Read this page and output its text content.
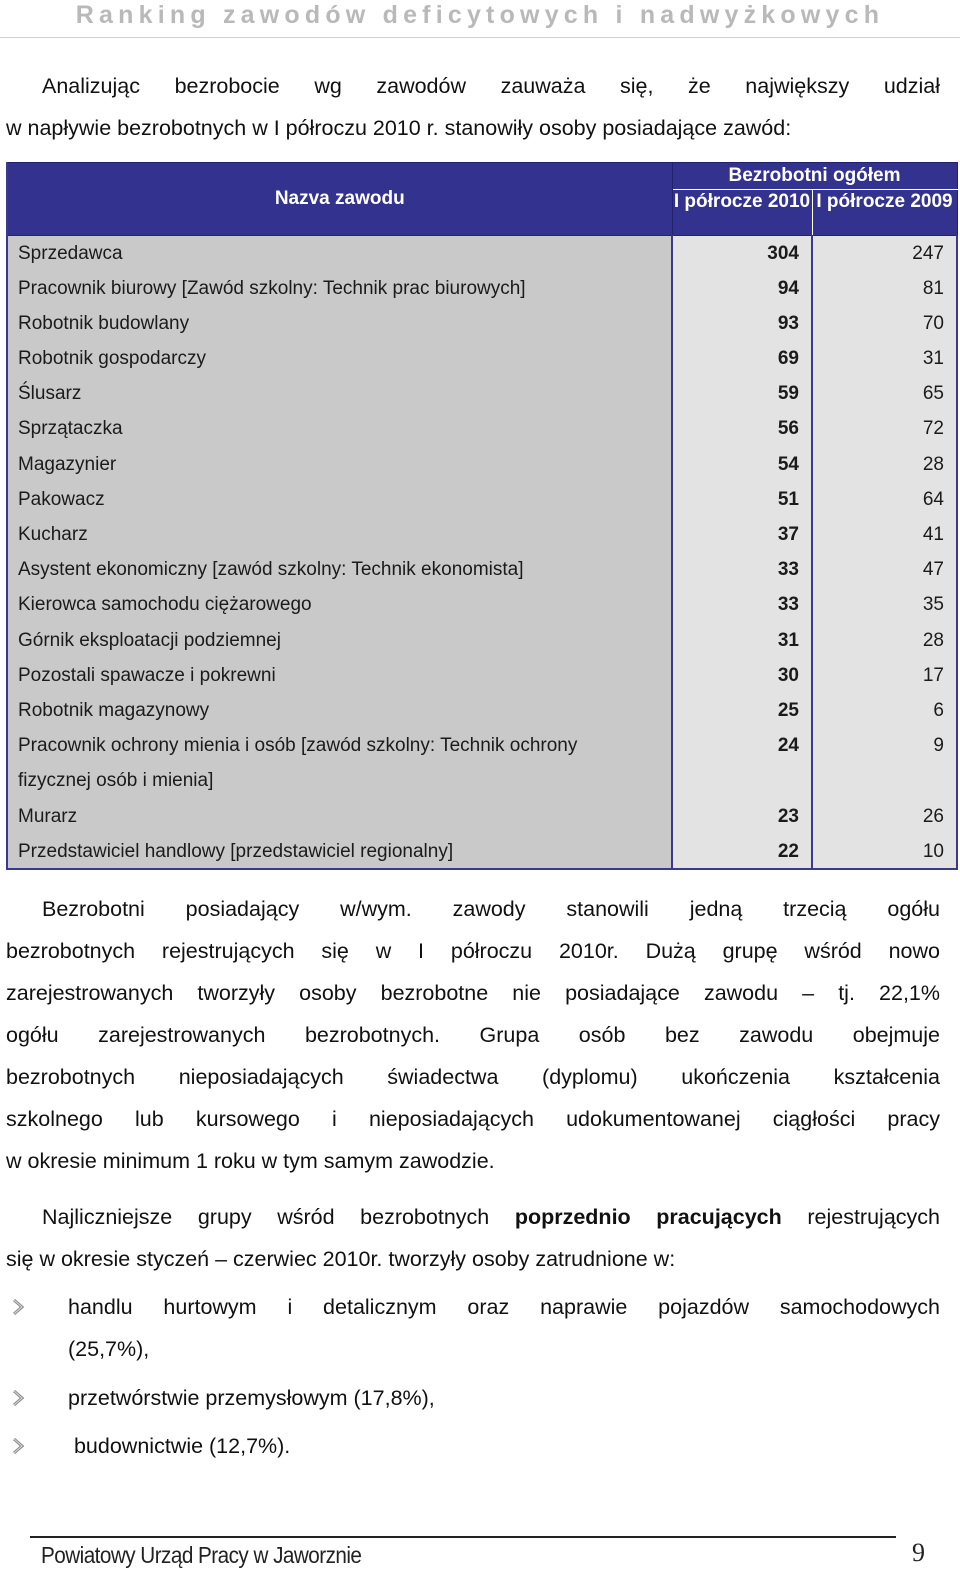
Ranking zawodów deficytowych i nadwyżkowych
Analizując bezrobocie wg zawodów zauważa się, że największy udział
w napływie bezrobotnych w I półroczu 2010 r. stanowiły osoby posiadające zawód:
Nazva zawodu	Bezrobotni ogółem	
	I półrocze 2010	I półrocze 2009
Sprzedawca	304	247
Pracownik biurowy [Zawód szkolny: Technik prac biurowych]	94	81
Robotnik budowlany	93	70
Robotnik gospodarczy	69	31
Ślusarz	59	65
Sprzątaczka	56	72
Magazynier	54	28
Pakowacz	51	64
Kucharz	37	41
Asystent ekonomiczny [zawód szkolny: Technik ekonomista]	33	47
Kierowca samochodu ciężarowego	33	35
Górnik eksploatacji podziemnej	31	28
Pozostali spawacze i pokrewni	30	17
Robotnik magazynowy	25	6

Pracownik ochrony mienia i osób [zawód szkolny: Technik ochrony
fizycznej osób i mienia]	24	9
Murarz	23	26
Przedstawiciel handlowy [przedstawiciel regionalny]	22	10
Bezrobotni posiadający w/wym. zawody stanowili jedną trzecią ogółu
bezrobotnych rejestrujących się w I półroczu 2010r. Dużą grupę wśród nowo
zarejestrowanych tworzyły osoby bezrobotne nie posiadające zawodu – tj. 22,1%
ogółu zarejestrowanych bezrobotnych. Grupa osób bez zawodu obejmuje
bezrobotnych nieposiadających świadectwa (dyplomu) ukończenia kształcenia
szkolnego lub kursowego i nieposiadających udokumentowanej ciągłości pracy
w okresie minimum 1 roku w tym samym zawodzie.
Najliczniejsze grupy wśród bezrobotnych poprzednio pracujących rejestrujących
się w okresie styczeń – czerwiec 2010r. tworzyły osoby zatrudnione w:
handlu hurtowym i detalicznym oraz naprawie pojazdów samochodowych
(25,7%),
przetwórstwie przemysłowym (17,8%),
budownictwie (12,7%).
Powiatowy Urząd Pracy w Jaworznie	9
